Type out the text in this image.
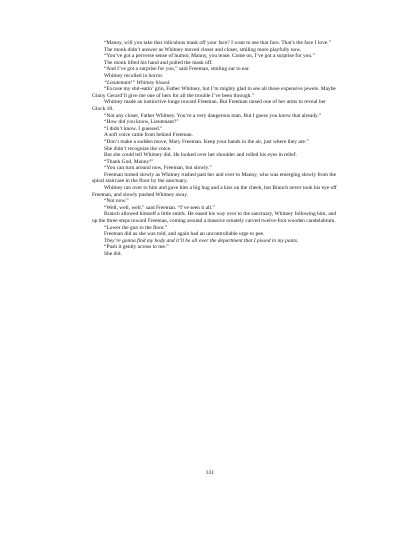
“Manny, will you take that ridiculous mask off your face? I want to see that face. That’s the face I love.”

The monk didn’t answer as Whitney moved closer and closer, smiling more playfully now.

“You’ve got a perverse sense of humor, Manny, you tease. Come on, I’ve got a surprise for you.”

The monk lifted his hand and pulled the mask off.

“And I’ve got a surprise for you,” said Freeman, smiling ear to ear.

Whitney recoiled in horror.

“Lieutenant!” Whitney hissed.

“Excuse my shit-eatin’ grin, Father Whitney, but I’m mighty glad to see all those expensive jewels. Maybe Ginny Gerard’ll give me one of hers for all the trouble I’ve been through.”

Whitney made an instinctive lunge toward Freeman. But Freeman raised one of her arms to reveal her Glock 18.

“Not any closer, Father Whitney. You’re a very dangerous man. But I guess you know that already.”

“How did you know, Lieutenant?”

“I didn’t know. I guessed.”

A soft voice came from behind Freeman.

“Don’t make a sudden move, Mary Freeman. Keep your hands in the air, just where they are.”

She didn’t recognize the voice.

But she could tell Whitney did. He looked over her shoulder and rolled his eyes in relief.

“Thank God, Manny!”

“You can turn around now, Freeman, but slowly.”

Freeman turned slowly as Whitney rushed past her and over to Manny, who was emerging slowly from the spiral staircase in the floor by the sanctuary.

Whitney ran over to him and gave him a big hug and a kiss on the cheek, but Branch never took his eye off Freeman, and slowly pushed Whitney away.

“Not now.”

“Well, well, well,” said Freeman. “I’ve seen it all.”

Branch allowed himself a little smirk. He eased his way over to the sanctuary, Whitney following him, and up the three steps toward Freeman, coming around a massive ornately carved twelve-foot wooden candelabrum.

“Lower the gun to the floor.”

Freeman did as she was told, and again had an uncontrollable urge to pee.

They’re gonna find my body and it’ll be all over the department that I pissed in my pants.

“Push it gently across to me.”

She did.

331
